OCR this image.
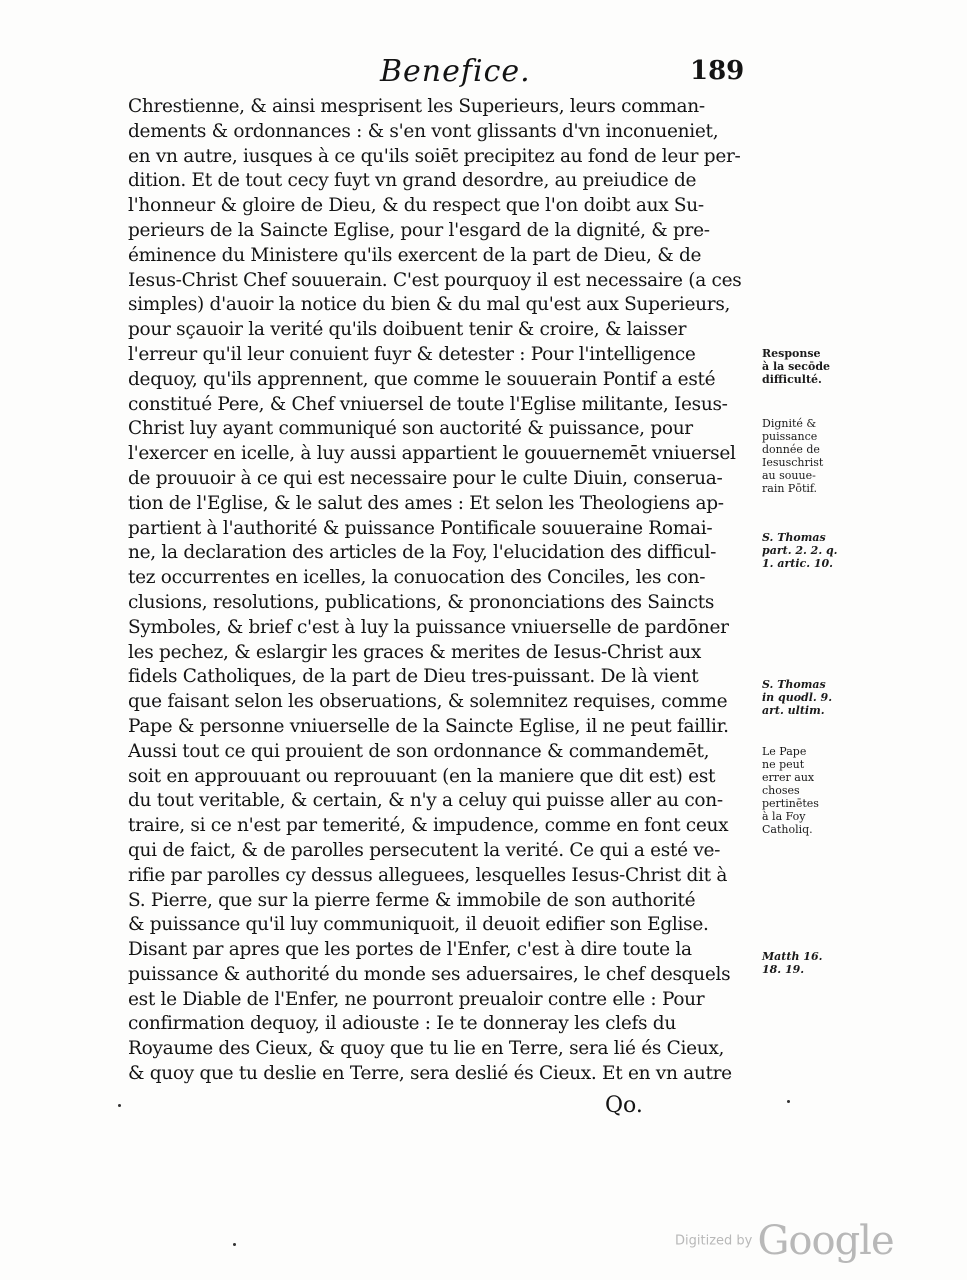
Benefice.	189
Chrestienne, & ainsi mesprisent les Superieurs, leurs comman-
dements & ordonnances : & s'en vont glissants d'vn inconueniet,
en vn autre, iusques à ce qu'ils soiēt precipitez au fond de leur per-
dition. Et de tout cecy fuyt vn grand desordre, au preiudice de
l'honneur & gloire de Dieu, & du respect que l'on doibt aux Su-
perieurs de la Saincte Eglise, pour l'esgard de la dignité, & pre-
éminence du Ministere qu'ils exercent de la part de Dieu, & de
Iesus-Christ Chef souuerain. C'est pourquoy il est necessaire (a ces
simples) d'auoir la notice du bien & du mal qu'est aux Superieurs,
pour sçauoir la verité qu'ils doibuent tenir & croire, & laisser
l'erreur qu'il leur conuient fuyr & detester : Pour l'intelligence
dequoy, qu'ils apprennent, que comme le souuerain Pontif a esté
constitué Pere, & Chef vniuersel de toute l'Eglise militante, Iesus-
Christ luy ayant communiqué son auctorité & puissance, pour
l'exercer en icelle, à luy aussi appartient le gouuernemēt vniuersel
de prouuoir à ce qui est necessaire pour le culte Diuin, conserua-
tion de l'Eglise, & le salut des ames : Et selon les Theologiens ap-
partient à l'authorité & puissance Pontificale souueraine Romai-
ne, la declaration des articles de la Foy, l'elucidation des difficul-
tez occurrentes en icelles, la conuocation des Conciles, les con-
clusions, resolutions, publications, & prononciations des Saincts
Symboles, & brief c'est à luy la puissance vniuerselle de pardōner
les pechez, & eslargir les graces & merites de Iesus-Christ aux
fidels Catholiques, de la part de Dieu tres-puissant. De là vient
que faisant selon les obseruations, & solemnitez requises, comme
Pape & personne vniuerselle de la Saincte Eglise, il ne peut faillir.
Aussi tout ce qui prouient de son ordonnance & commandemēt,
soit en approuuant ou reprouuant (en la maniere que dit est) est
du tout veritable, & certain, & n'y a celuy qui puisse aller au con-
traire, si ce n'est par temerité, & impudence, comme en font ceux
qui de faict, & de parolles persecutent la verité. Ce qui a esté ve-
rifie par parolles cy dessus alleguees, lesquelles Iesus-Christ dit à
S. Pierre, que sur la pierre ferme & immobile de son authorité
& puissance qu'il luy communiquoit, il deuoit edifier son Eglise.
Disant par apres que les portes de l'Enfer, c'est à dire toute la
puissance & authorité du monde ses aduersaires, le chef desquels
est le Diable de l'Enfer, ne pourront preualoir contre elle : Pour
confirmation dequoy, il adiouste : Ie te donneray les clefs du
Royaume des Cieux, & quoy que tu lie en Terre, sera lié és Cieux,
& quoy que tu deslie en Terre, sera deslié és Cieux. Et en vn autre
Response
à la secōde
difficulté.
Dignité &
puissance
donnée de
Iesuschrist
au souue-
rain Pōtif.
S. Thomas
part. 2. 2. q.
1. artic. 10.
S. Thomas
in quodl. 9.
art. ultim.
Le Pape
ne peut
errer aux
choses
pertinētes
à la Foy
Catholiq.
Matth 16.
18. 19.
Qo.
Digitized by Google
